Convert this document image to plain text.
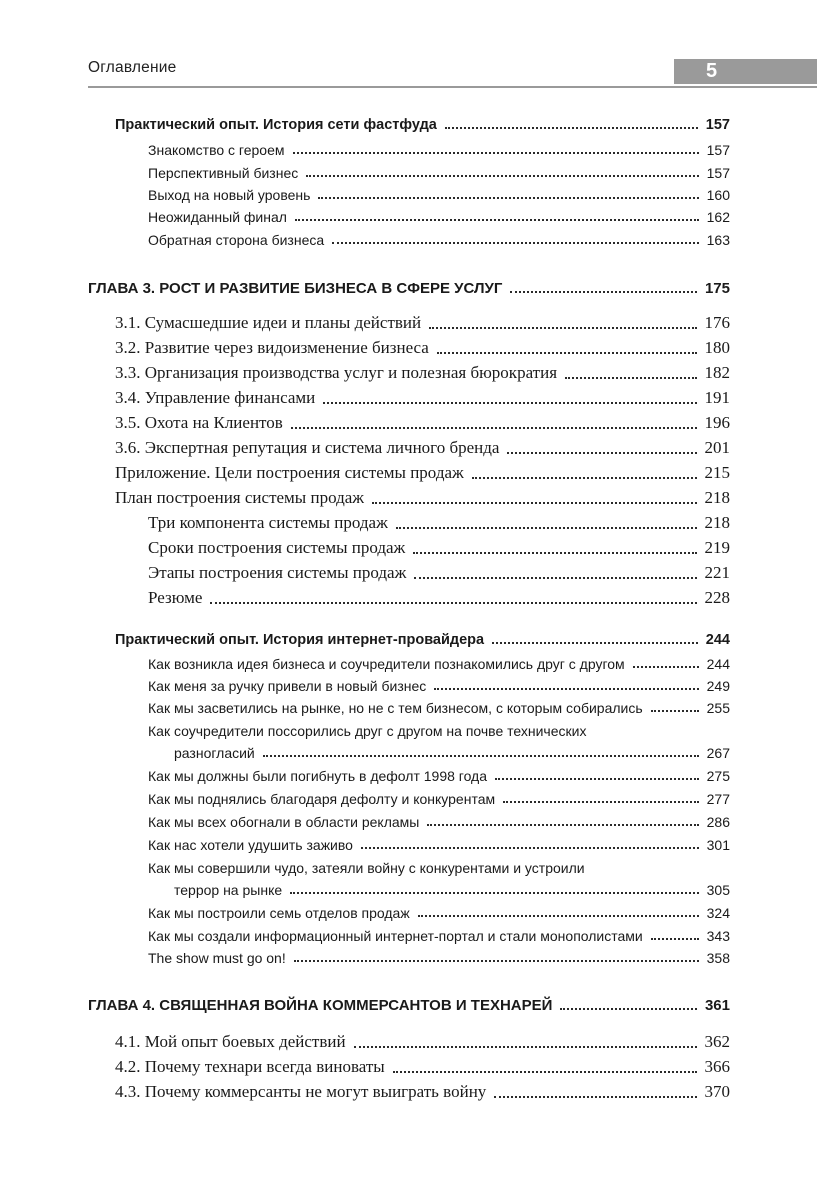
Оглавление	5
Практический опыт. История сети фастфуда	157
Знакомство с героем	157
Перспективный бизнес	157
Выход на новый уровень	160
Неожиданный финал	162
Обратная сторона бизнеса	163
ГЛАВА 3. РОСТ И РАЗВИТИЕ БИЗНЕСА В СФЕРЕ УСЛУГ	175
3.1. Сумасшедшие идеи и планы действий	176
3.2. Развитие через видоизменение бизнеса	180
3.3. Организация производства услуг и полезная бюрократия	182
3.4. Управление финансами	191
3.5. Охота на Клиентов	196
3.6. Экспертная репутация и система личного бренда	201
Приложение. Цели построения системы продаж	215
План построения системы продаж	218
Три компонента системы продаж	218
Сроки построения системы продаж	219
Этапы построения системы продаж	221
Резюме	228
Практический опыт. История интернет-провайдера	244
Как возникла идея бизнеса и соучредители познакомились друг с другом	244
Как меня за ручку привели в новый бизнес	249
Как мы засветились на рынке, но не с тем бизнесом, с которым собирались	255
Как соучредители поссорились друг с другом на почве технических
разногласий	267
Как мы должны были погибнуть в дефолт 1998 года	275
Как мы поднялись благодаря дефолту и конкурентам	277
Как мы всех обогнали в области рекламы	286
Как нас хотели удушить заживо	301
Как мы совершили чудо, затеяли войну с конкурентами и устроили
террор на рынке	305
Как мы построили семь отделов продаж	324
Как мы создали информационный интернет-портал и стали монополистами	343
The show must go on!	358
ГЛАВА 4. СВЯЩЕННАЯ ВОЙНА КОММЕРСАНТОВ И ТЕХНАРЕЙ	361
4.1. Мой опыт боевых действий	362
4.2. Почему технари всегда виноваты	366
4.3. Почему коммерсанты не могут выиграть войну	370
